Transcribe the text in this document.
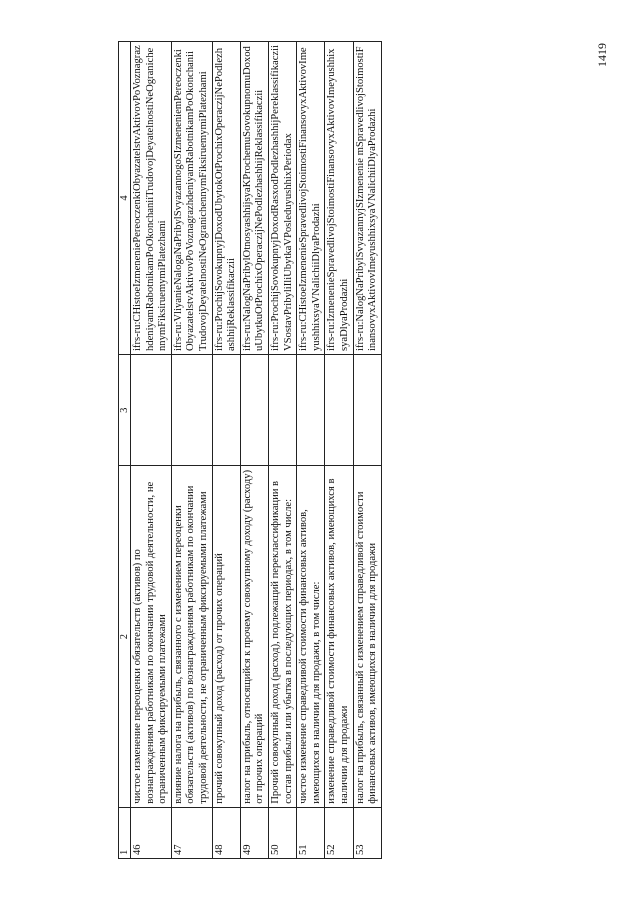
1	2	3	4
46	чистое изменение переоценки обязательств (активов) по вознаграждениям работникам по окончании трудовой деятельности, не ограниченным фиксируемыми платежами		ifrs-ru:CHistoeIzmeneniePereoczenkiObyazatelstvAktivovPoVoznagrazhdeniyamRabotnikamPoOkonchaniiTrudovojDeyatelnostiNeOgranichennymFiksiruemymiPlatezhami
47	влияние налога на прибыль, связанного с изменением переоценки обязательств (активов) по вознаграждениям работникам по окончании трудовой деятельности, не ограниченным фиксируемыми платежами		ifrs-ru:VliyanieNalogaNaPribylSvyazannogoSIzmeneniemPereoczenkiObyazatelstvAktivovPoVoznagrazhdeniyamRabotnikamPoOkonchaniiTrudovojDeyatelnostiNeOgranichennymFiksiruemymiPlatezhami
48	прочий совокупный доход (расход) от прочих операций		ifrs-ru:ProchijSovokupnyjDoxodUbytokOtProchixOperaczijNePodlezhashhijReklassifikaczii
49	налог на прибыль, относящийся к прочему совокупному доходу (расходу) от прочих операций		ifrs-ru:NalogNaPribylOtnosyashhijsyaKProchemuSovokupnomuDoxoduUbytkuOtProchixOperaczijNePodlezhashhijReklassifikaczii
50	Прочий совокупный доход (расход), подлежащий переклассификации в состав прибыли или убытка в последующих периодах, в том числе:		ifrs-ru:ProchijSovokupnyjDoxodRasxodPodlezhashhijPereklassifikacziiVSostavPribyliIliUbytkaVPosleduyushhixPeriodax
51	чистое изменение справедливой стоимости финансовых активов, имеющихся в наличии для продажи, в том числе:		ifrs-ru:CHistoeIzmenenieSpravedlivojStoimostiFinansovyxAktivovImeyushhixsyaVNalichiiDlyaProdazhi
52	изменение справедливой стоимости финансовых активов, имеющихся в наличии для продажи		ifrs-ru:IzmenenieSpravedlivojStoimostiFinansovyxAktivovImeyushhixsyaDlyaProdazhi
53	налог на прибыль, связанный с изменением справедливой стоимости финансовых активов, имеющихся в наличии для продажи		ifrs-ru:NalogNaPribylSvyazannyjSIzmenenie mSpravedlivojStoimostiFinansovyxAktivovImeyushhixsyaVNalichiiDlyaProdazhi
1419
